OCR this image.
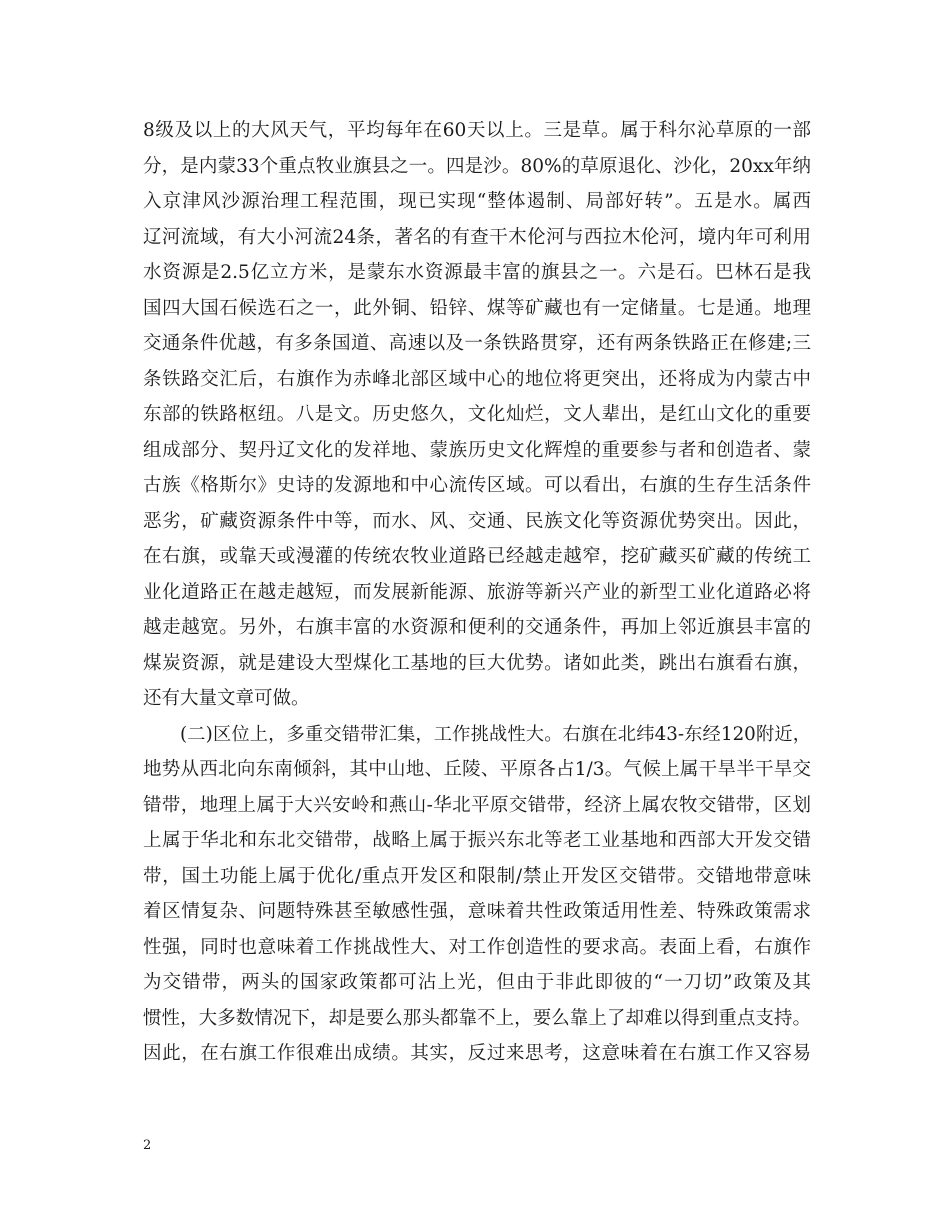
8级及以上的大风天气，平均每年在60天以上。三是草。属于科尔沁草原的一部
分，是内蒙33个重点牧业旗县之一。四是沙。80%的草原退化、沙化，20xx年纳
入京津风沙源治理工程范围，现已实现“整体遏制、局部好转”。五是水。属西
辽河流域，有大小河流24条，著名的有查干木伦河与西拉木伦河，境内年可利用
水资源是2.5亿立方米，是蒙东水资源最丰富的旗县之一。六是石。巴林石是我
国四大国石候选石之一，此外铜、铅锌、煤等矿藏也有一定储量。七是通。地理
交通条件优越，有多条国道、高速以及一条铁路贯穿，还有两条铁路正在修建;三
条铁路交汇后，右旗作为赤峰北部区域中心的地位将更突出，还将成为内蒙古中
东部的铁路枢纽。八是文。历史悠久，文化灿烂，文人辈出，是红山文化的重要
组成部分、契丹辽文化的发祥地、蒙族历史文化辉煌的重要参与者和创造者、蒙
古族《格斯尔》史诗的发源地和中心流传区域。可以看出，右旗的生存生活条件
恶劣，矿藏资源条件中等，而水、风、交通、民族文化等资源优势突出。因此，
在右旗，或靠天或漫灌的传统农牧业道路已经越走越窄，挖矿藏买矿藏的传统工
业化道路正在越走越短，而发展新能源、旅游等新兴产业的新型工业化道路必将
越走越宽。另外，右旗丰富的水资源和便利的交通条件，再加上邻近旗县丰富的
煤炭资源，就是建设大型煤化工基地的巨大优势。诸如此类，跳出右旗看右旗，
还有大量文章可做。
(二)区位上，多重交错带汇集，工作挑战性大。右旗在北纬43-东经120附近，
地势从西北向东南倾斜，其中山地、丘陵、平原各占1/3。气候上属干旱半干旱交
错带，地理上属于大兴安岭和燕山-华北平原交错带，经济上属农牧交错带，区划
上属于华北和东北交错带，战略上属于振兴东北等老工业基地和西部大开发交错
带，国土功能上属于优化/重点开发区和限制/禁止开发区交错带。交错地带意味
着区情复杂、问题特殊甚至敏感性强，意味着共性政策适用性差、特殊政策需求
性强，同时也意味着工作挑战性大、对工作创造性的要求高。表面上看，右旗作
为交错带，两头的国家政策都可沾上光，但由于非此即彼的“一刀切”政策及其
惯性，大多数情况下，却是要么那头都靠不上，要么靠上了却难以得到重点支持。
因此，在右旗工作很难出成绩。其实，反过来思考，这意味着在右旗工作又容易
2
